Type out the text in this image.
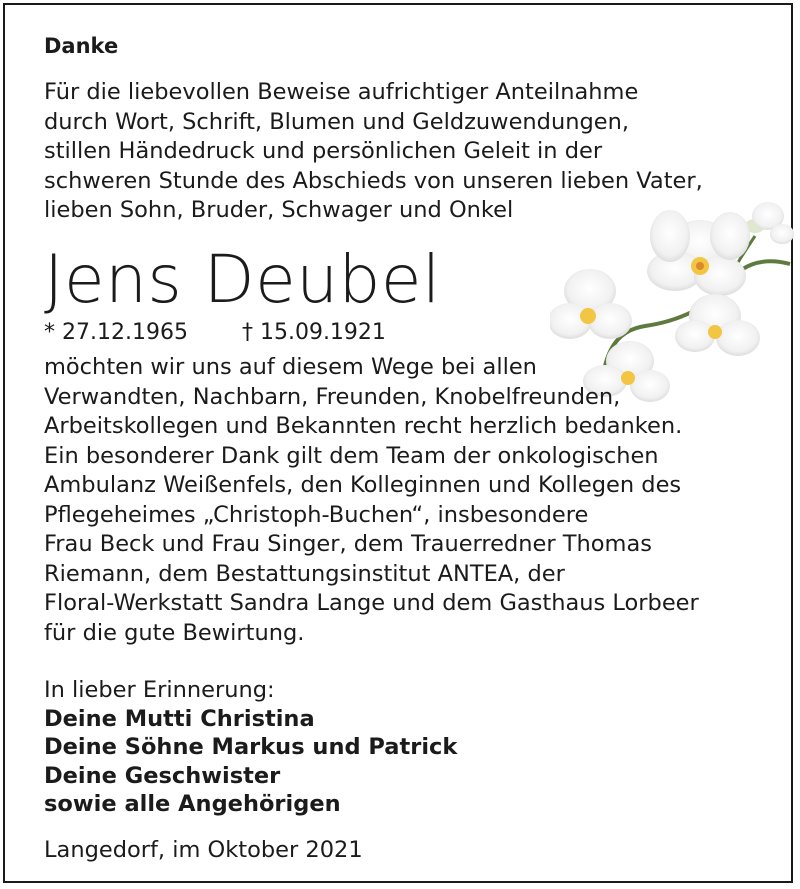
Danke
Für die liebevollen Beweise aufrichtiger Anteilnahme
durch Wort, Schrift, Blumen und Geldzuwendungen,
stillen Händedruck und persönlichen Geleit in der
schweren Stunde des Abschieds von unseren lieben Vater,
lieben Sohn, Bruder, Schwager und Onkel
Jens Deubel
* 27.12.1965 † 15.09.1921
möchten wir uns auf diesem Wege bei allen
Verwandten, Nachbarn, Freunden, Knobelfreunden,
Arbeitskollegen und Bekannten recht herzlich bedanken.
Ein besonderer Dank gilt dem Team der onkologischen
Ambulanz Weißenfels, den Kolleginnen und Kollegen des
Pflegeheimes „Christoph-Buchen“, insbesondere
Frau Beck und Frau Singer, dem Trauerredner Thomas
Riemann, dem Bestattungsinstitut ANTEA, der
Floral-Werkstatt Sandra Lange und dem Gasthaus Lorbeer
für die gute Bewirtung.
In lieber Erinnerung:
Deine Mutti Christina
Deine Söhne Markus und Patrick
Deine Geschwister
sowie alle Angehörigen
Langedorf, im Oktober 2021
